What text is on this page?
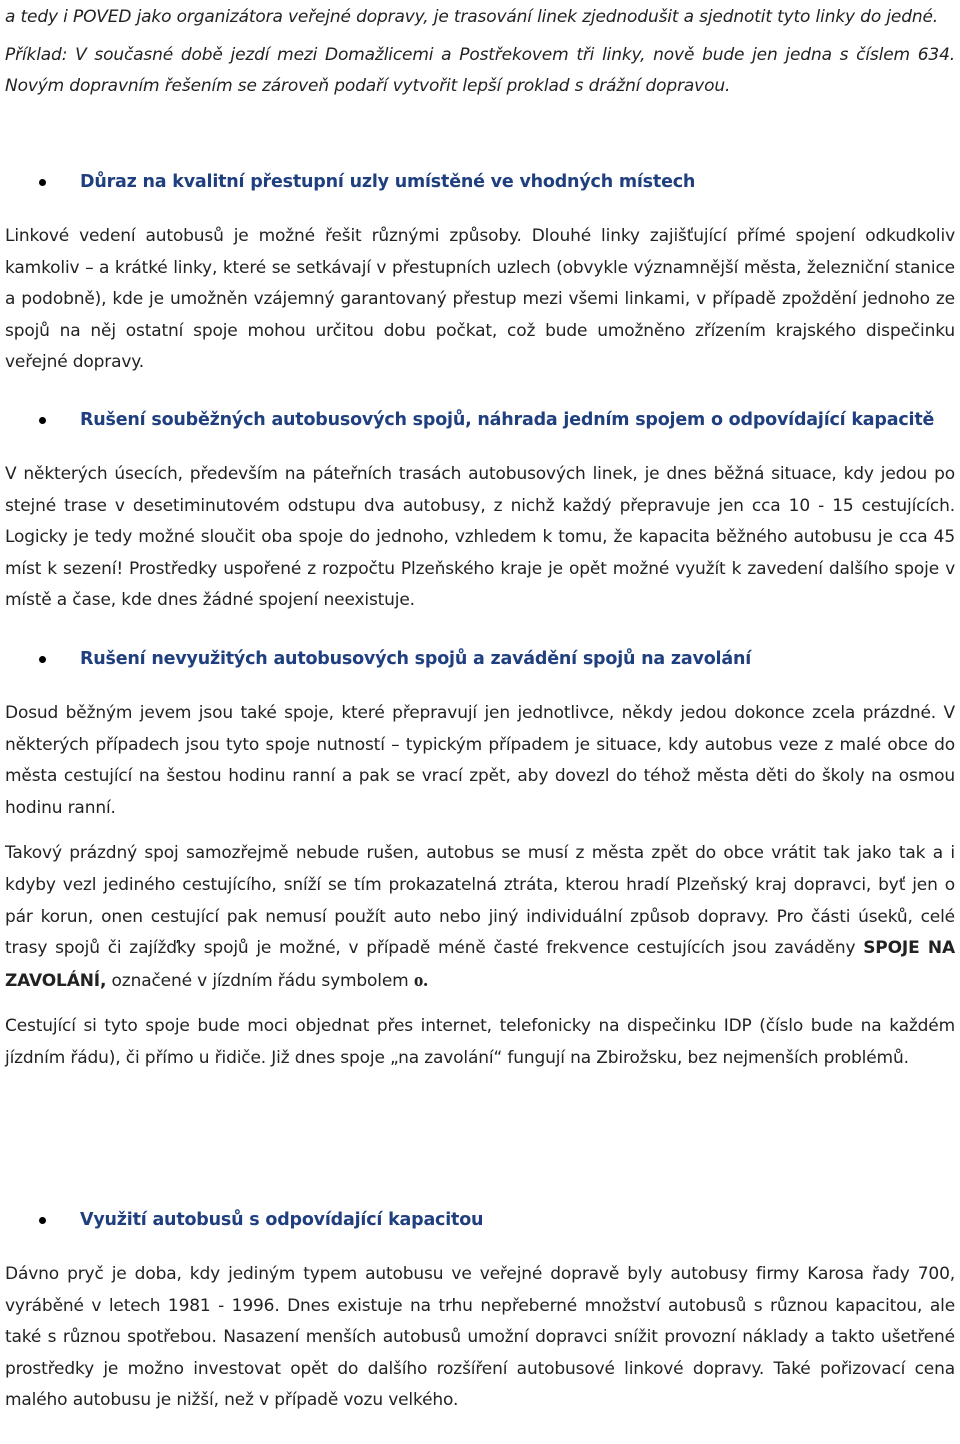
a tedy i POVED jako organizátora veřejné dopravy, je trasování linek zjednodušit a sjednotit tyto linky do jedné.

Příklad: V současné době jezdí mezi Domažlicemi a Postřekovem tři linky, nově bude jen jedna s číslem 634. Novým dopravním řešením se zároveň podaří vytvořit lepší proklad s drážní dopravou.

Důraz na kvalitní přestupní uzly umístěné ve vhodných místech

Linkové vedení autobusů je možné řešit různými způsoby. Dlouhé linky zajišťující přímé spojení odkudkoliv kamkoliv – a krátké linky, které se setkávají v přestupních uzlech (obvykle významnější města, železniční stanice a podobně), kde je umožněn vzájemný garantovaný přestup mezi všemi linkami, v případě zpoždění jednoho ze spojů na něj ostatní spoje mohou určitou dobu počkat, což bude umožněno zřízením krajského dispečinku veřejné dopravy.

Rušení souběžných autobusových spojů, náhrada jedním spojem o odpovídající kapacitě

V některých úsecích, především na páteřních trasách autobusových linek, je dnes běžná situace, kdy jedou po stejné trase v desetiminutovém odstupu dva autobusy, z nichž každý přepravuje jen cca 10 - 15 cestujících. Logicky je tedy možné sloučit oba spoje do jednoho, vzhledem k tomu, že kapacita běžného autobusu je cca 45 míst k sezení! Prostředky uspořené z rozpočtu Plzeňského kraje je opět možné využít k zavedení dalšího spoje v místě a čase, kde dnes žádné spojení neexistuje.

Rušení nevyužitých autobusových spojů a zavádění spojů na zavolání

Dosud běžným jevem jsou také spoje, které přepravují jen jednotlivce, někdy jedou dokonce zcela prázdné. V některých případech jsou tyto spoje nutností – typickým případem je situace, kdy autobus veze z malé obce do města cestující na šestou hodinu ranní a pak se vrací zpět, aby dovezl do téhož města děti do školy na osmou hodinu ranní.

Takový prázdný spoj samozřejmě nebude rušen, autobus se musí z města zpět do obce vrátit tak jako tak a i kdyby vezl jediného cestujícího, sníží se tím prokazatelná ztráta, kterou hradí Plzeňský kraj dopravci, byť jen o pár korun, onen cestující pak nemusí použít auto nebo jiný individuální způsob dopravy. Pro části úseků, celé trasy spojů či zajížďky spojů je možné, v případě méně časté frekvence cestujících jsou zaváděny SPOJE NA ZAVOLÁNÍ, označené v jízdním řádu symbolem o.

Cestující si tyto spoje bude moci objednat přes internet, telefonicky na dispečinku IDP (číslo bude na každém jízdním řádu), či přímo u řidiče. Již dnes spoje „na zavolání“ fungují na Zbirožsku, bez nejmenších problémů.

Využití autobusů s odpovídající kapacitou

Dávno pryč je doba, kdy jediným typem autobusu ve veřejné dopravě byly autobusy firmy Karosa řady 700, vyráběné v letech 1981 - 1996. Dnes existuje na trhu nepřeberné množství autobusů s různou kapacitou, ale také s různou spotřebou. Nasazení menších autobusů umožní dopravci snížit provozní náklady a takto ušetřené prostředky je možno investovat opět do dalšího rozšíření autobusové linkové dopravy. Také pořizovací cena malého autobusu je nižší, než v případě vozu velkého.
